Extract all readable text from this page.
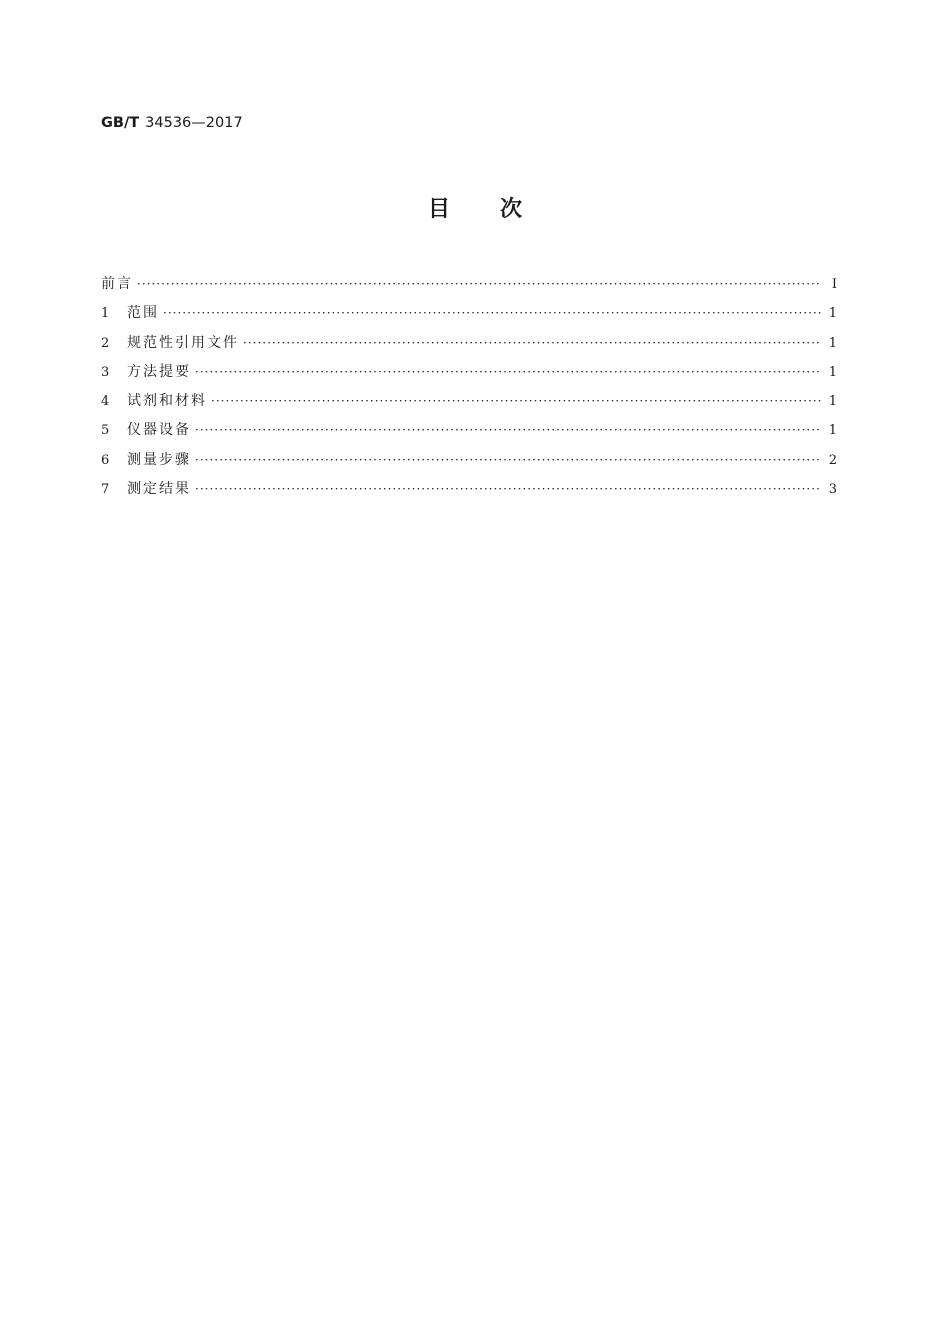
GB/T 34536—2017
目 次
前言 ·····	Ⅰ
1	范围 ·····	1
2	规范性引用文件 ·····	1
3	方法提要 ·····	1
4	试剂和材料 ·····	1
5	仪器设备 ·····	1
6	测量步骤 ·····	2
7	测定结果 ·····	3
